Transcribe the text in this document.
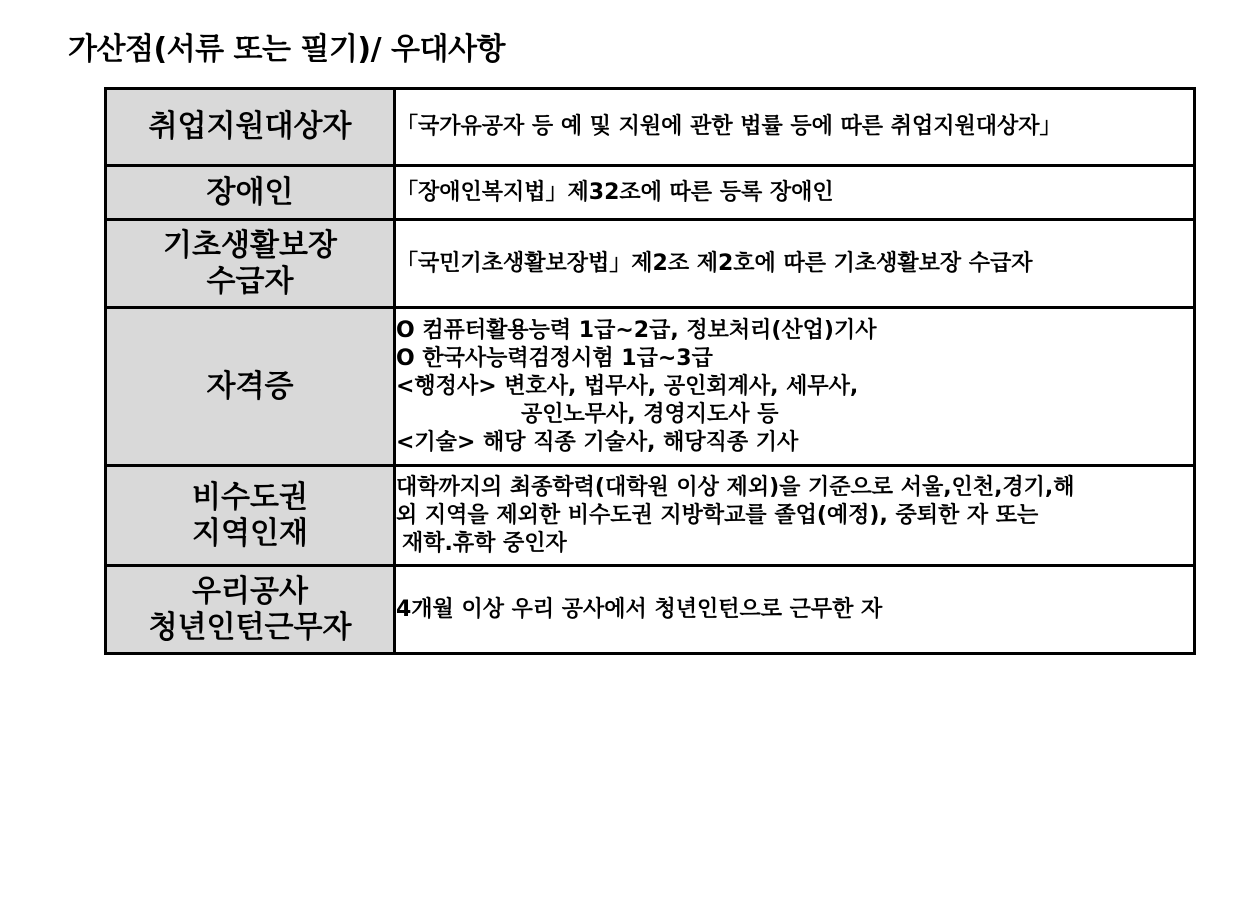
가산점(서류 또는 필기)/ 우대사항
취업지원대상자	「국가유공자 등 예 및 지원에 관한 법률 등에 따른 취업지원대상자」

장애인	「장애인복지법」제32조에 따른 등록 장애인

기초생활보장
수급자	「국민기초생활보장법」제2조 제2호에 따른 기초생활보장 수급자

자격증	O 컴퓨터활용능력 1급~2급, 정보처리(산업)기사
O 한국사능력검정시험 1급~3급
<행정사> 변호사, 법무사, 공인회계사, 세무사,
공인노무사, 경영지도사 등
<기술> 해당 직종 기술사, 해당직종 기사

비수도권
지역인재	대학까지의 최종학력(대학원 이상 제외)을 기준으로 서울,인천,경기,해
외 지역을 제외한 비수도권 지방학교를 졸업(예정), 중퇴한 자 또는
재학.휴학 중인자

우리공사
청년인턴근무자	4개월 이상 우리 공사에서 청년인턴으로 근무한 자
